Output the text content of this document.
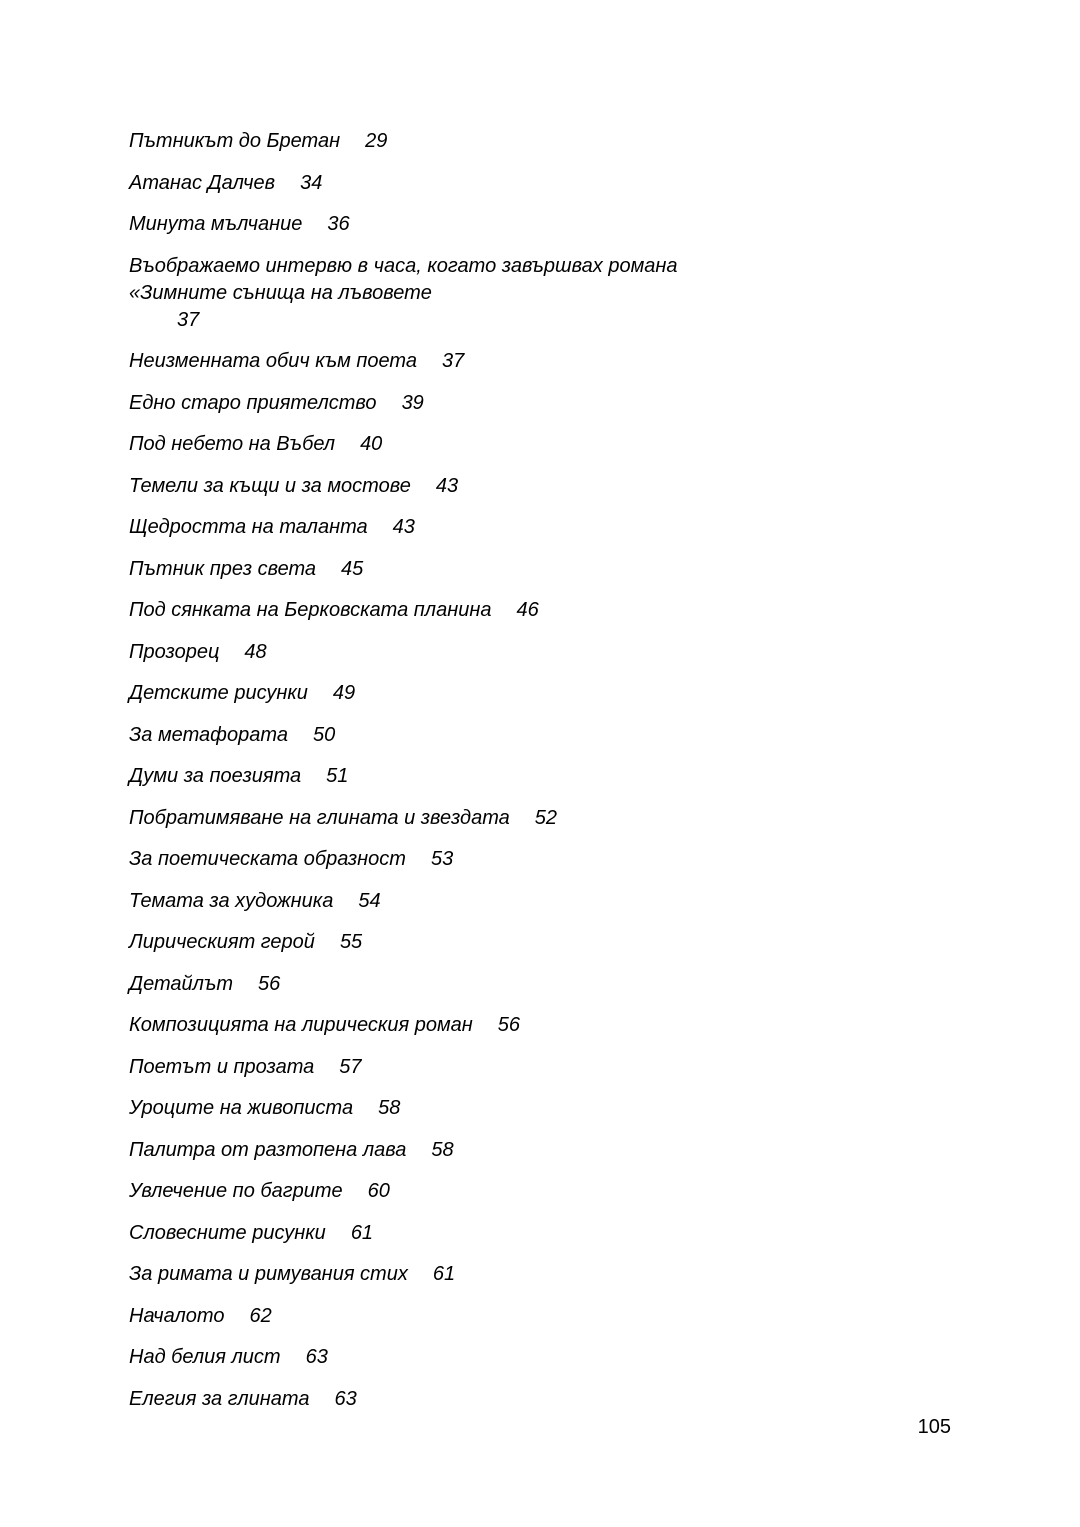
Пътникът до Бретан 29
Атанас Далчев 34
Минута мълчание 36
Въображаемо интервю в часа, когато завършвах романа «Зимните сънища на лъвовете
37
Неизменната обич към поета 37
Едно старо приятелство 39
Под небето на Въбел 40
Темели за къщи и за мостове 43
Щедростта на таланта 43
Пътник през света 45
Под сянката на Берковската планина 46
Прозорец 48
Детските рисунки 49
За метафората 50
Думи за поезията 51
Побратимяване на глината и звездата 52
За поетическата образност 53
Темата за художника 54
Лирическият герой 55
Детайлът 56
Композицията на лирическия роман 56
Поетът и прозата 57
Уроците на живописта 58
Палитра от разтопена лава 58
Увлечение по багрите 60
Словесните рисунки 61
За римата и римувания стих 61
Началото 62
Над белия лист 63
Елегия за глината 63
105
